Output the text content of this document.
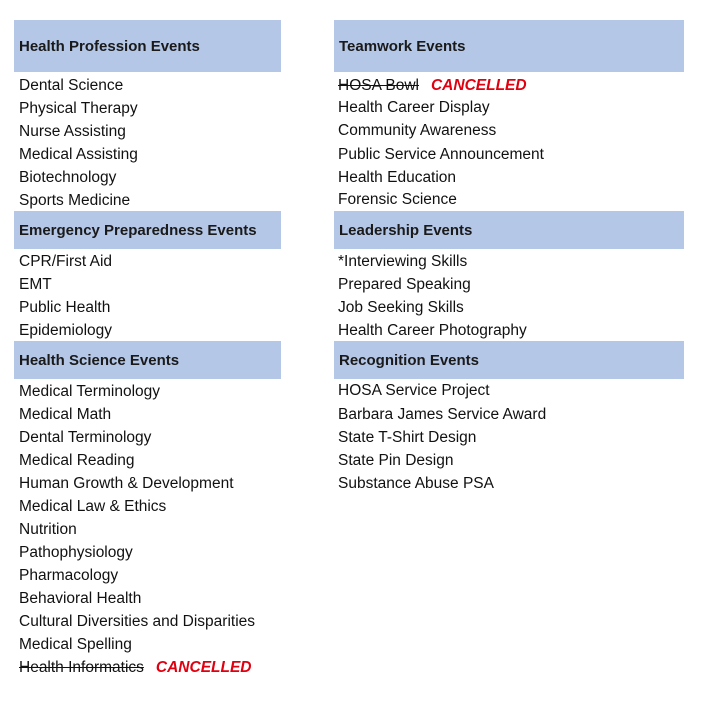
Health Profession Events
Dental Science
Physical Therapy
Nurse Assisting
Medical Assisting
Biotechnology
Sports Medicine
Emergency Preparedness Events
CPR/First Aid
EMT
Public Health
Epidemiology
Health Science Events
Medical Terminology
Medical Math
Dental Terminology
Medical Reading
Human Growth & Development
Medical Law & Ethics
Nutrition
Pathophysiology
Pharmacology
Behavioral Health
Cultural Diversities and Disparities
Medical Spelling
Health Informatics CANCELLED
Teamwork Events
HOSA Bowl CANCELLED
Health Career Display
Community Awareness
Public Service Announcement
Health Education
Forensic Science
Leadership Events
*Interviewing Skills
Prepared Speaking
Job Seeking Skills
Health Career Photography
Recognition Events
HOSA Service Project
Barbara James Service Award
State T-Shirt Design
State Pin Design
Substance Abuse PSA
